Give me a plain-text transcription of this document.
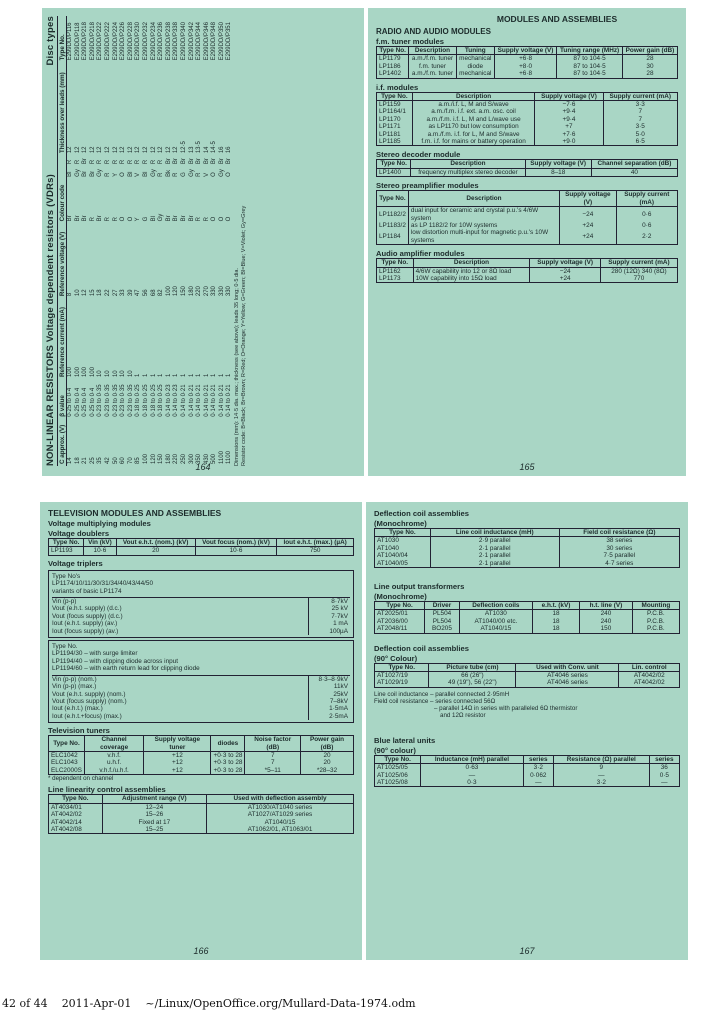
NON-LINEAR RESISTORS Voltage dependent resistors (VDRs)
Disc types
C approx. (V)	β value	Reference current (mA)	Reference voltage (V)	Colour code			Thickness over leads (mm)	Type No.
14	0·25 to 0·4	100	8	Br	Bl	R	12	E299DD/P116
18	0·25 to 0·4	100	10	Br	Gy	R	12	E299DD/P118
21	0·25 to 0·4	100	12	Br	Br	Br	12	E299DD/P218
25	0·25 to 0·4	100	15	R	Br	R	12	E299DD/P218
35	0·23 to 0·35	10	18	Br	Gy	R	12	E299DD/P222
42	0·23 to 0·35	10	22	R	R	R	12	E299DD/P222
50	0·23 to 0·35	10	27	R	Y	R	12	E299DD/P224
60	0·23 to 0·35	10	33	O	O	R	12	E299DD/P226
70	0·23 to 0·35	10	39	O	Bl	R	12	E299DD/P228
85	0·18 to 0·25	1	47	Y	V	R	12	E299DD/P230
100	0·18 to 0·25	1	56	G	Bl	R	12	E299DD/P232
120	0·18 to 0·25	1	68	Bl	Gy	R	12	E299DD/P234
150	0·18 to 0·25	1	82	Gy	R	R	12	E299DD/P236
180	0·14 to 0·23	1	100	Br	Bk	Br	12	E299DD/P238
220	0·14 to 0·23	1	120	Br	R	Br	12	E299DD/P338
250	0·14 to 0·21	1	150	Br	G	Br	12·5	E299DD/P340
300	0·14 to 0·21	1	180	Br	Gy	Br	13	E299DD/P342
350	0·14 to 0·21	1	220	R	R	Br	13·5	E299DD/P344
430	0·14 to 0·21	1	270	R	V	Br	14	E299DD/P346
500	0·14 to 0·21	1	330	O	O	Br	14·5	E299DD/P348
1100	0·14 to 0·21	1	330	O	Gy	Br	16	E299DD/P350
1100	0·14 to 0·21	1	330	O	O	Br	16	E299DD/P351
Dimensions (mm): 14·5 dia. max.; thickness (see above); leads 35 long; 0·5 dia. Resistor code: B=Black; Br=Brown; R=Red; O=Orange; Y=Yellow; G=Green; Bl=Blue; V=Violet; Gy=Grey
164
MODULES AND ASSEMBLIES
RADIO AND AUDIO MODULES
f.m. tuner modules
Type No.	Description	Tuning	Supply voltage (V)	Tuning range (MHz)	Power gain (dB)
LP1179	a.m./f.m. tuner	mechanical	+6·8	87 to 104·5	28
LP1186	f.m. tuner	diode	+8·0	87 to 104·5	30
LP1402	a.m./f.m. tuner	mechanical	+6·8	87 to 104·5	28
i.f. modules
Type No.	Description	Supply voltage (V)	Supply current (mA)
LP1159	a.m./i.f. L, M and S/wave	−7·6	3·3
LP1164/1	a.m./f.m. i.f. ext. a.m. osc. coil	+9·4	7
LP1170	a.m./f.m. i.f. L, M and L/wave use	+9·4	7
LP1171	as LP1170 but low consumption	+7	3·5
LP1181	a.m./f.m. i.f. for L, M and S/wave	+7·6	5·0
LP1185	f.m. i.f. for mains or battery operation	+9·0	6·5
Stereo decoder module
Type No.	Description	Supply voltage (V)	Channel separation (dB)
LP1400	frequency multiplex stereo decoder	8–18	40
Stereo preamplifier modules
Type No.	Description	Supply voltage (V)	Supply current (mA)
LP1182/2	dual input for ceramic and crystal p.u.'s 4/6W system	−24	0·6
LP1183/2	as LP 1182/2 for 10W systems	+24	0·6
LP1184	low distortion multi-input for magnetic p.u.'s 10W systems	+24	2·2
Audio amplifier modules
Type No.	Description	Supply voltage (V)	Supply current (mA)
LP1162	4/6W capability into 12 or 8Ω load	−24	280 (12Ω) 340 (8Ω)
LP1173	10W capability into 15Ω load	+24	770
165
TELEVISION MODULES AND ASSEMBLIES
Voltage multiplying modules
Voltage doublers
Type No.	Vin (kV)	Vout e.h.t. (nom.) (kV)	Vout focus (nom.) (kV)	Iout e.h.t. (max.) (µA)
LP1193	10·6	20	10·6	750
Voltage triplers
Type No's
LP1174/10/11/30/31/34/40/43/44/50
variants of basic LP1174
Vin (p-p)	8·7kV
Vout (e.h.t. supply) (d.c.)	25 kV
Vout (focus supply) (d.c.)	7·7kV
Iout (e.h.t. supply) (av.)	1 mA
Iout (focus supply) (av.)	100µA
Type No.
LP1194/30 – with surge limiter
LP1194/40 – with clipping diode across input
LP1194/60 – with earth return lead for clipping diode
Vin (p-p) (nom.)	8·3–8·9kV
Vin (p-p) (max.)	11kV
Vout (e.h.t. supply) (nom.)	25kV
Vout (focus supply) (nom.)	7–8kV
Iout (e.h.t.) (max.)	1·5mA
Iout (e.h.t.+focus) (max.)	2·5mA
Television tuners
Type No.	Channel coverage	Supply voltage tuner	diodes	Noise factor (dB)	Power gain (dB)
ELC1042	v.h.f.	+12	+0·3 to 28	7	20
ELC1043	u.h.f.	+12	+0·3 to 28	7	20
ELC2000S	v.h.f./u.h.f.	+12	+0·3 to 28	*5–11	*28–32
* dependent on channel
Line linearity control assemblies
Type No.	Adjustment range (V)	Used with deflection assembly
AT4034/01	12–24	AT1030/AT1040 series
AT4042/02	15–26	AT1027/AT1029 series
AT4042/14	Fixed at 17	AT1040/15
AT4042/08	15–25	AT1062/01, AT1063/01
166
Deflection coil assemblies
(Monochrome)
Type No.	Line coil inductance (mH)	Field coil resistance (Ω)
AT1030	2·9 parallel	38 series
AT1040	2·1 parallel	30 series
AT1040/04	2·1 parallel	7·5 parallel
AT1040/05	2·1 parallel	4·7 series
Line output transformers
(Monochrome)
Type No.	Driver	Deflection coils	e.h.t. (kV)	h.t. line (V)	Mounting
AT2025/01	PL504	AT1030	18	240	P.C.B.
AT2036/00	PL504	AT1040/00 etc.	18	240	P.C.B.
AT2048/11	BO205	AT1040/15	18	150	P.C.B.
Deflection coil assemblies
(90° Colour)
Type No.	Picture tube (cm)	Used with Conv. unit	Lin. control
AT1027/19	66 (26")	AT4046 series	AT4042/02
AT1029/19	49 (19"), 56 (22")	AT4046 series	AT4042/02
Line coil inductance – parallel connected 2·95mH
Field coil resistance – series connected 56Ω
– parallel 14Ω in series with paralleled 6Ω thermistor
and 12Ω resistor
Blue lateral units
(90° colour)
Type No.	Inductance (mH) parallel	series	Resistance (Ω) parallel	series
AT1025/05	0·63	3·2	9	36
AT1025/06	—	0·062	—	0·5
AT1025/08	0·3	—	3·2	—
167
42 of 44 2011-Apr-01 ~/Linux/OpenOffice.org/Mullard-Data-1974.odm
